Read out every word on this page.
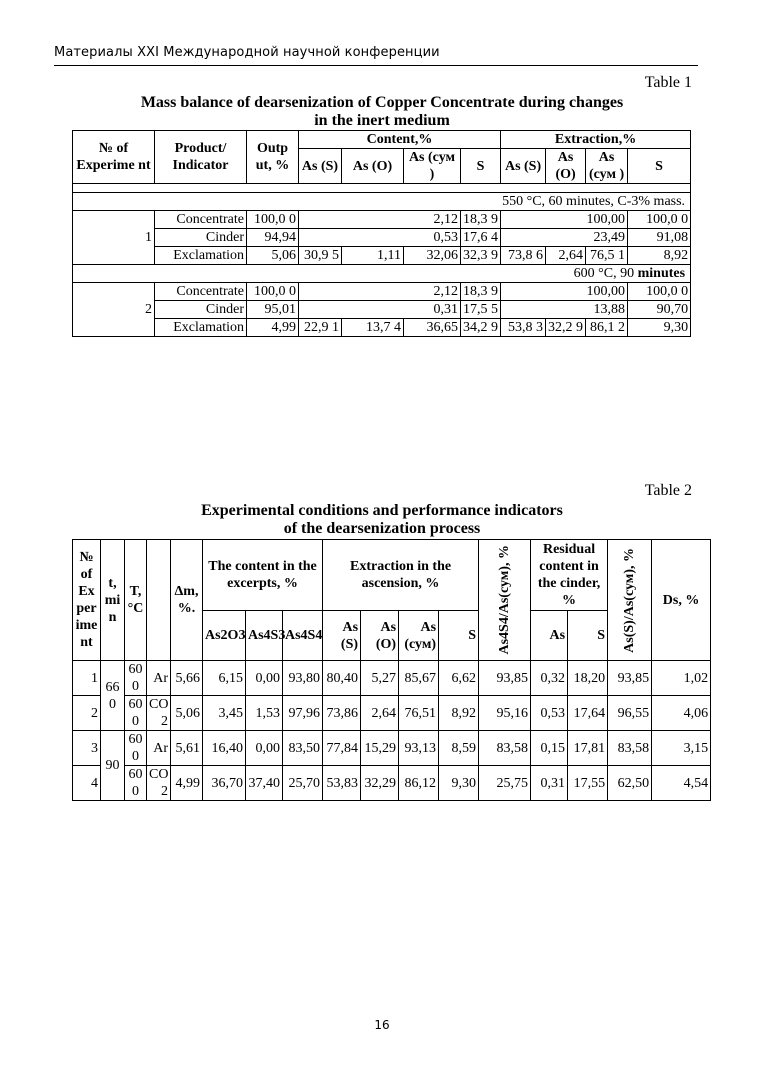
Материалы XXI Международной научной конференции
Table 1
Mass balance of dearsenization of Copper Concentrate during changes
in the inert medium
№ of Experime nt	Product/ Indicator	Outp ut, %	Content,%				Extraction,%			
			As (S)	As (O)	As (сум )	S	As (S)	As (O)	As (сум )	S

550 °C, 60 minutes, C-3% mass.										
1	Concentrate	100,0 0	2,12			18,3 9	100,00			100,0 0
	Cinder	94,94	0,53			17,6 4	23,49			91,08
	Exclamation	5,06	30,9 5	1,11	32,06	32,3 9	73,8 6	2,64	76,5 1	8,92
600 °C, 90 minutes										
2	Concentrate	100,0 0	2,12			18,3 9	100,00			100,0 0
	Cinder	95,01	0,31			17,5 5	13,88			90,70
	Exclamation	4,99	22,9 1	13,7 4	36,65	34,2 9	53,8 3	32,2 9	86,1 2	9,30
Table 2
Experimental conditions and performance indicators
of the dearsenization process
№ of Ex per ime nt	t, mi n	T, °C		Δm, %.	The content in the excerpts, %			Extraction in the ascension, %				As4S4/As(сум), %	Residual content in the cinder, %		As(S)/As(сум), %	Ds, %
					As2O3	As4S3	As4S4	As (S)	As (O)	As (сум)	S		As	S		
1	66 0	60 0	Ar	5,66	6,15	0,00	93,80	80,40	5,27	85,67	6,62	93,85	0,32	18,20	93,85	1,02
2		60 0	CO 2	5,06	3,45	1,53	97,96	73,86	2,64	76,51	8,92	95,16	0,53	17,64	96,55	4,06
3	90	60 0	Ar	5,61	16,40	0,00	83,50	77,84	15,29	93,13	8,59	83,58	0,15	17,81	83,58	3,15
4		60 0	CO 2	4,99	36,70	37,40	25,70	53,83	32,29	86,12	9,30	25,75	0,31	17,55	62,50	4,54
16
